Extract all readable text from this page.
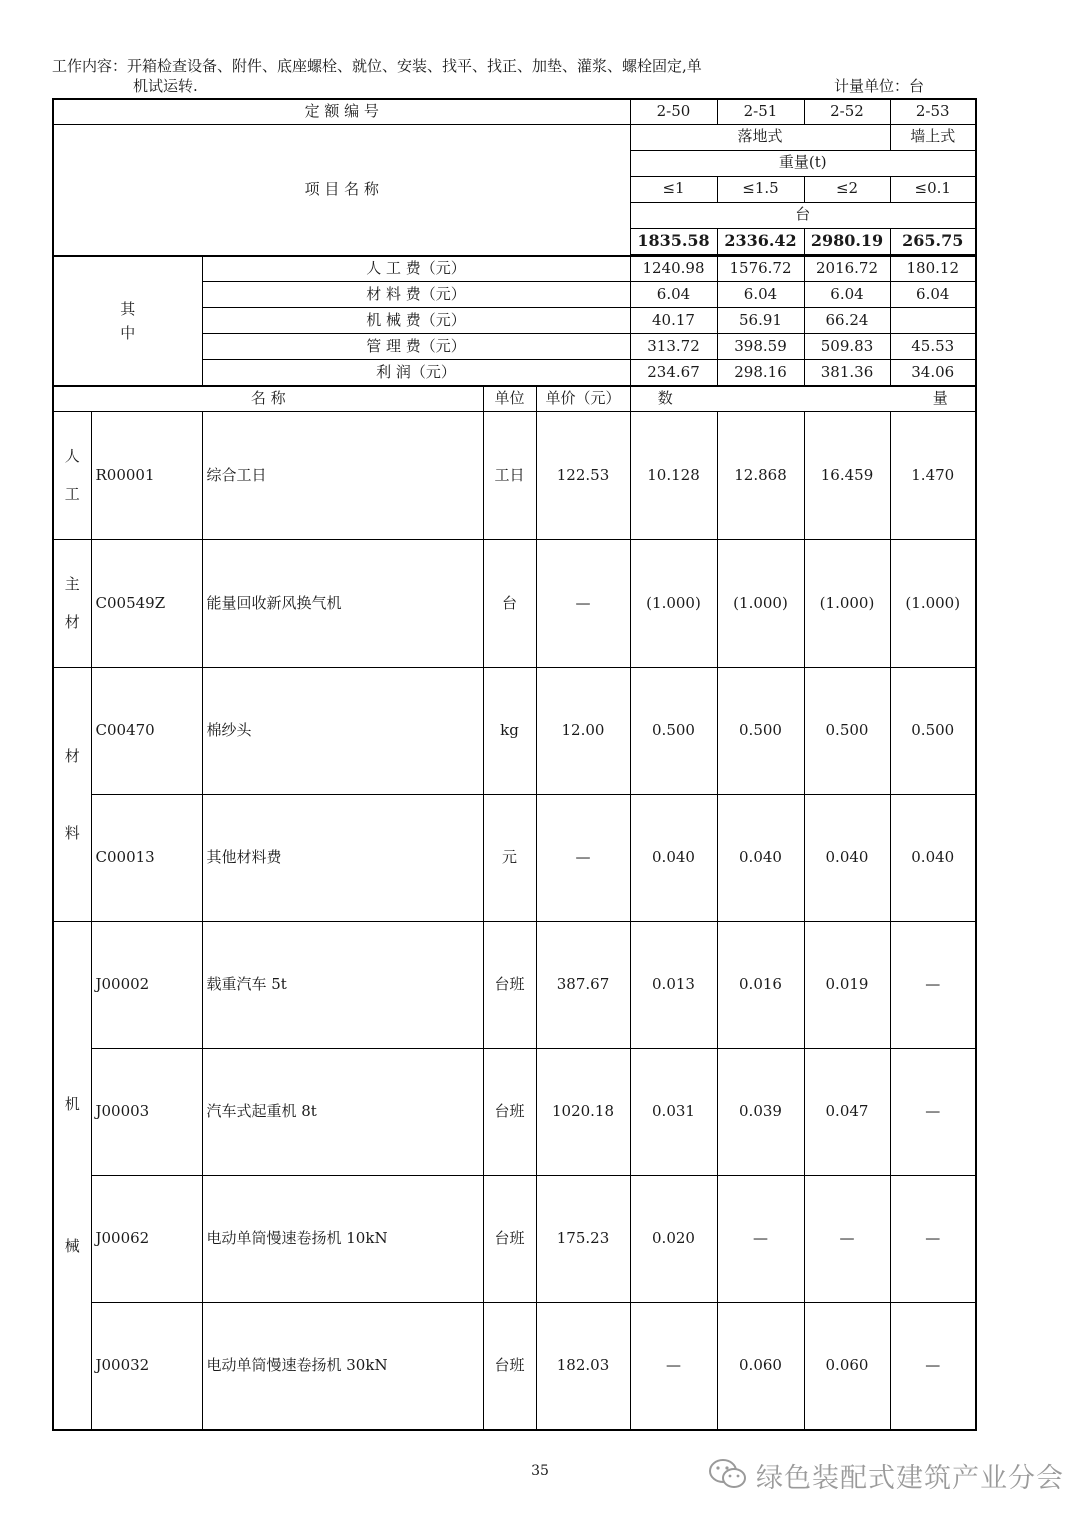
工作内容：开箱检查设备、附件、底座螺栓、就位、安装、找平、找正、加垫、灌浆、螺栓固定,单
机试运转.	计量单位：台
定 额 编 号					2-50	2-51	2-52	2-53
项 目 名 称					落地式			墙上式
					重量(t)			
					≤1	≤1.5	≤2	≤0.1
					台			
					1835.58	2336.42	2980.19	265.75

其
中		人 工 费（元）			1240.98	1576.72	2016.72	180.12
		材 料 费（元）			6.04	6.04	6.04	6.04
		机 械 费（元）			40.17	56.91	66.24	
		管 理 费（元）			313.72	398.59	509.83	45.53
		利 润（元）			234.67	298.16	381.36	34.06
名 称			单位	单价（元）	数 量			
人
工	R00001	综合工日	工日	122.53	10.128	12.868	16.459	1.470
主
材	C00549Z	能量回收新风换气机	台	—	(1.000)	(1.000)	(1.000)	(1.000)
材
料	C00470	棉纱头	kg	12.00	0.500	0.500	0.500	0.500
	C00013	其他材料费	元	—	0.040	0.040	0.040	0.040
机
械	J00002	载重汽车 5t	台班	387.67	0.013	0.016	0.019	—
	J00003	汽车式起重机 8t	台班	1020.18	0.031	0.039	0.047	—
	J00062	电动单筒慢速卷扬机 10kN	台班	175.23	0.020	—	—	—
	J00032	电动单筒慢速卷扬机 30kN	台班	182.03	—	0.060	0.060	—
35	绿色装配式建筑产业分会
